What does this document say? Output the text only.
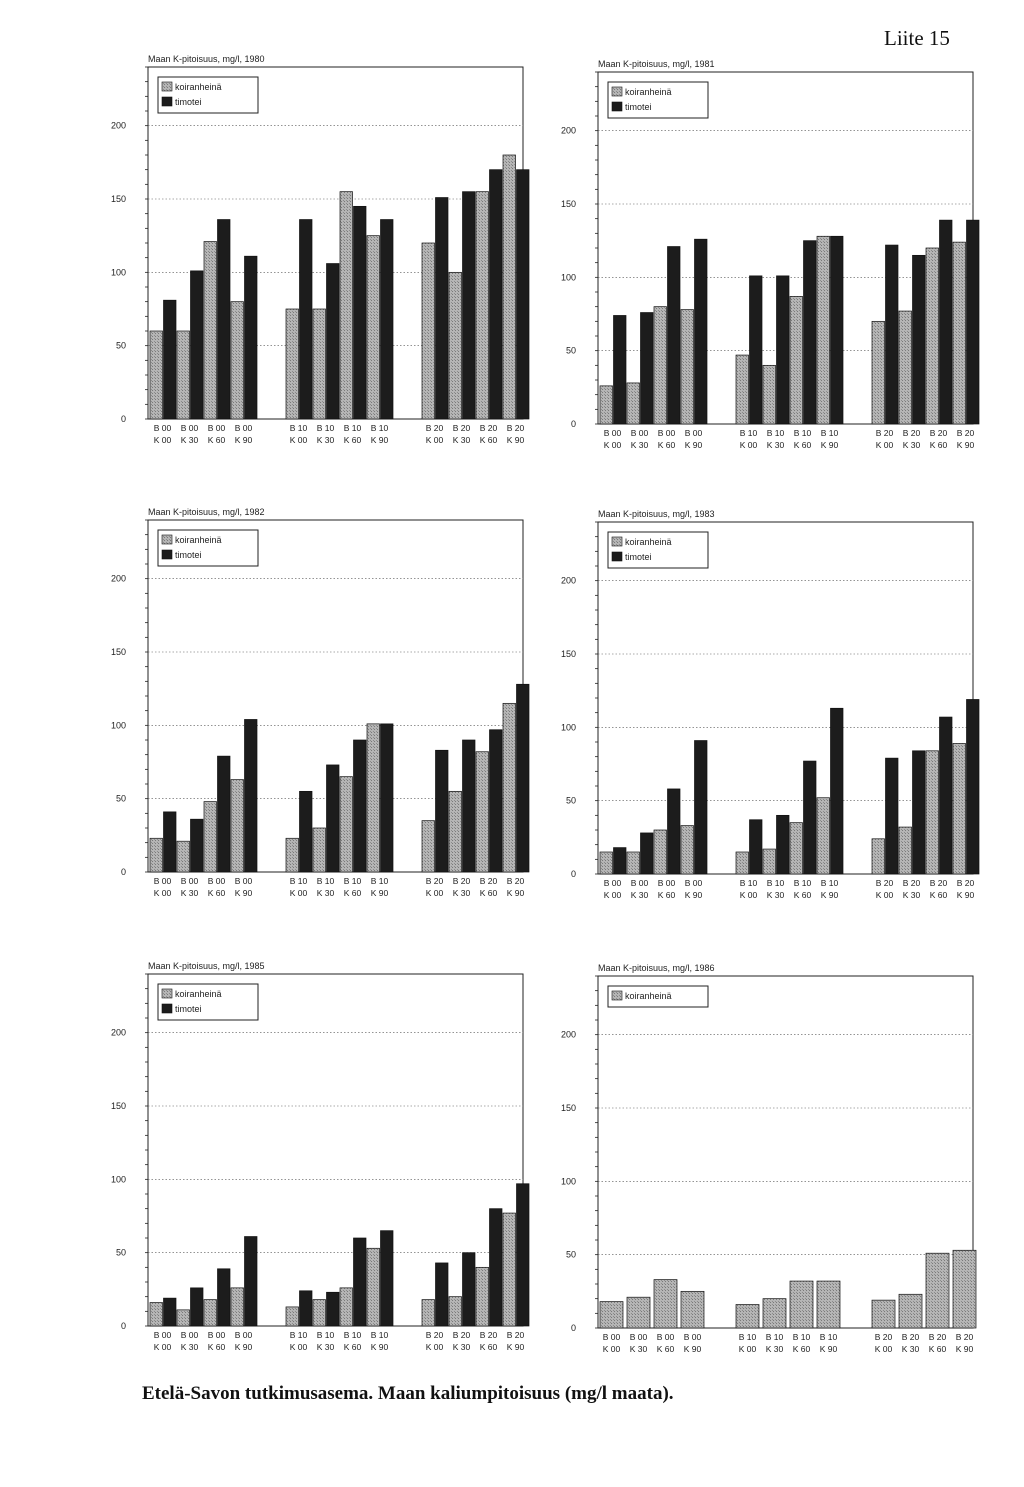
Liite 15
Maan K-pitoisuus, mg/l, 1980
0
50
100
150
200
B 00
K 00
B 00
K 30
B 00
K 60
B 00
K 90
B 10
K 00
B 10
K 30
B 10
K 60
B 10
K 90
B 20
K 00
B 20
K 30
B 20
K 60
B 20
K 90
koiranheinä
timotei
Maan K-pitoisuus, mg/l, 1981
0
50
100
150
200
B 00
K 00
B 00
K 30
B 00
K 60
B 00
K 90
B 10
K 00
B 10
K 30
B 10
K 60
B 10
K 90
B 20
K 00
B 20
K 30
B 20
K 60
B 20
K 90
koiranheinä
timotei
Maan K-pitoisuus, mg/l, 1982
0
50
100
150
200
B 00
K 00
B 00
K 30
B 00
K 60
B 00
K 90
B 10
K 00
B 10
K 30
B 10
K 60
B 10
K 90
B 20
K 00
B 20
K 30
B 20
K 60
B 20
K 90
koiranheinä
timotei
Maan K-pitoisuus, mg/l, 1983
0
50
100
150
200
B 00
K 00
B 00
K 30
B 00
K 60
B 00
K 90
B 10
K 00
B 10
K 30
B 10
K 60
B 10
K 90
B 20
K 00
B 20
K 30
B 20
K 60
B 20
K 90
koiranheinä
timotei
Maan K-pitoisuus, mg/l, 1985
0
50
100
150
200
B 00
K 00
B 00
K 30
B 00
K 60
B 00
K 90
B 10
K 00
B 10
K 30
B 10
K 60
B 10
K 90
B 20
K 00
B 20
K 30
B 20
K 60
B 20
K 90
koiranheinä
timotei
Maan K-pitoisuus, mg/l, 1986
0
50
100
150
200
B 00
K 00
B 00
K 30
B 00
K 60
B 00
K 90
B 10
K 00
B 10
K 30
B 10
K 60
B 10
K 90
B 20
K 00
B 20
K 30
B 20
K 60
B 20
K 90
koiranheinä
Etelä-Savon tutkimusasema. Maan kaliumpitoisuus (mg/l maata).
